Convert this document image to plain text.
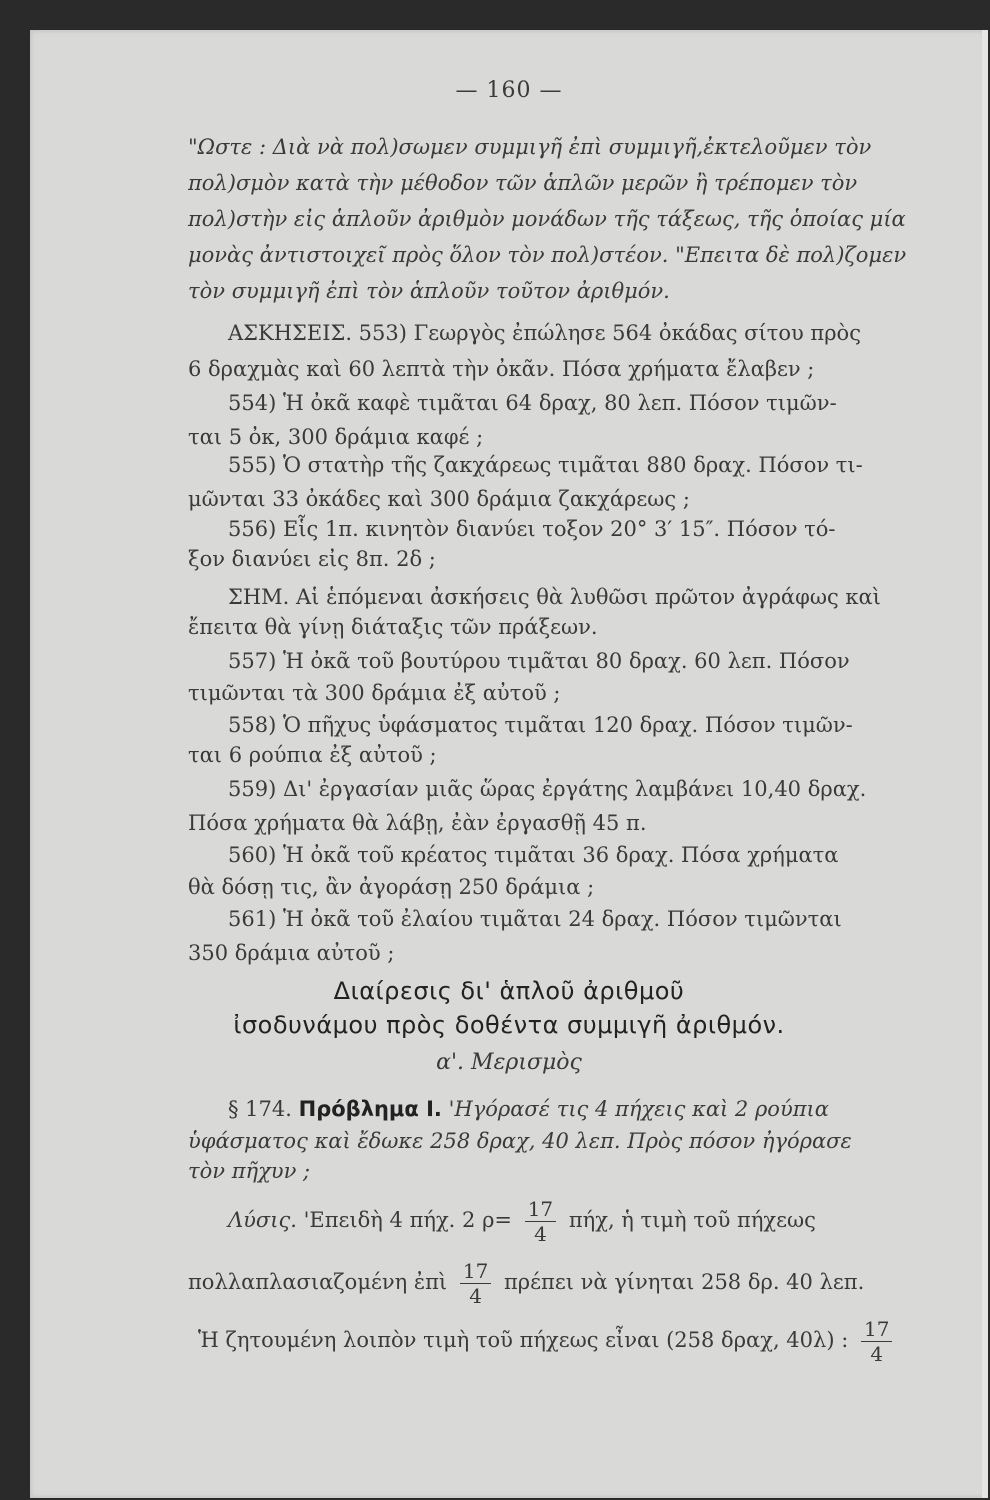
— 160 —
"Ωστε : Διὰ νὰ πολ)σωμεν συμμιγῆ ἐπὶ συμμιγῆ,ἐκτελοῦμεν τὸν
πολ)σμὸν κατὰ τὴν μέθοδον τῶν ἁπλῶν μερῶν ἢ τρέπομεν τὸν
πολ)στὴν εἰς ἁπλοῦν ἀριθμὸν μονάδων τῆς τάξεως, τῆς ὁποίας μία
μονὰς ἀντιστοιχεῖ πρὸς ὅλον τὸν πολ)στέον. "Επειτα δὲ πολ)ζομεν
τὸν συμμιγῆ ἐπὶ τὸν ἁπλοῦν τοῦτον ἀριθμόν.
ΑΣΚΗΣΕΙΣ. 553) Γεωργὸς ἐπώλησε 564 ὀκάδας σίτου πρὸς
6 δραχμὰς καὶ 60 λεπτὰ τὴν ὀκᾶν. Πόσα χρήματα ἔλαβεν ;
554) Ἡ ὀκᾶ καφὲ τιμᾶται 64 δραχ, 80 λεπ. Πόσον τιμῶν-
ται 5 ὀκ, 300 δράμια καφέ ;
555) Ὁ στατὴρ τῆς ζακχάρεως τιμᾶται 880 δραχ. Πόσον τι-
μῶνται 33 ὀκάδες καὶ 300 δράμια ζακχάρεως ;
556) Εἷς 1π. κινητὸν διανύει τοξον 20° 3′ 15″. Πόσον τό-
ξον διανύει εἰς 8π. 2δ ;
ΣΗΜ. Αἱ ἑπόμεναι ἀσκήσεις θὰ λυθῶσι πρῶτον ἀγράφως καὶ
ἔπειτα θὰ γίνῃ διάταξις τῶν πράξεων.
557) Ἡ ὀκᾶ τοῦ βουτύρου τιμᾶται 80 δραχ. 60 λεπ. Πόσον
τιμῶνται τὰ 300 δράμια ἐξ αὐτοῦ ;
558) Ὁ πῆχυς ὑφάσματος τιμᾶται 120 δραχ. Πόσον τιμῶν-
ται 6 ρούπια ἐξ αὐτοῦ ;
559) Δι' ἐργασίαν μιᾶς ὥρας ἐργάτης λαμβάνει 10,40 δραχ.
Πόσα χρήματα θὰ λάβῃ, ἐὰν ἐργασθῇ 45 π.
560) Ἡ ὀκᾶ τοῦ κρέατος τιμᾶται 36 δραχ. Πόσα χρήματα
θὰ δόσῃ τις, ἂν ἀγοράσῃ 250 δράμια ;
561) Ἡ ὀκᾶ τοῦ ἐλαίου τιμᾶται 24 δραχ. Πόσον τιμῶνται
350 δράμια αὐτοῦ ;
Διαίρεσις δι' ἁπλοῦ ἀριθμοῦ
ἰσοδυνάμου πρὸς δοθέντα συμμιγῆ ἀριθμόν.
α'. Μερισμὸς
§ 174. Πρόβλημα Ι. 'Ηγόρασέ τις 4 πήχεις καὶ 2 ρούπια
ὑφάσματος καὶ ἔδωκε 258 δραχ, 40 λεπ. Πρὸς πόσον ἠγόρασε
τὸν πῆχυν ;
Λύσις. 'Επειδὴ 4 πήχ. 2 $\rho= \frac{17}{4} \pi ή\chi$, ἡ τιμὴ τοῦ πήχεως
πολλαπλασιαζομένη ἐπὶ $\frac{17}{4}$ πρέπει νὰ γίνηται 258 δρ. 40 λεπ.
Ἡ ζητουμένη λοιπὸν τιμὴ τοῦ πήχεως εἶναι (258 δραχ, 40λ) : $\frac{17}{4}$
